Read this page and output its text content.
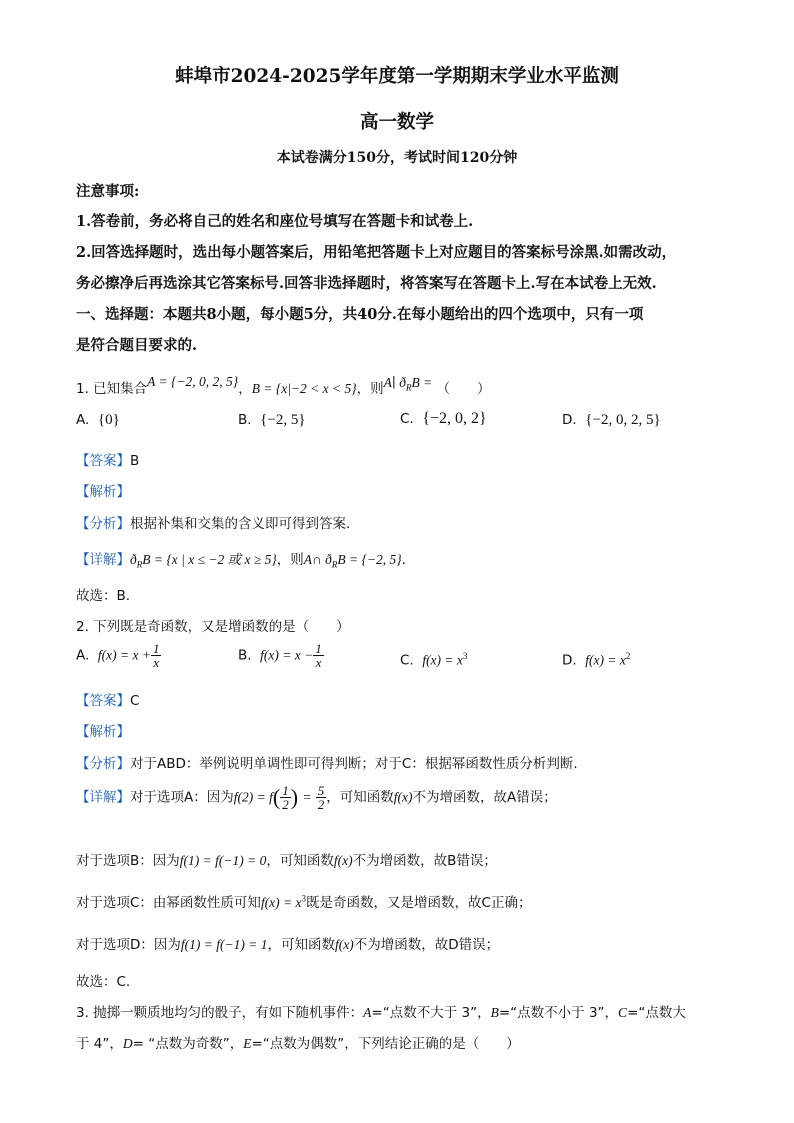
蚌埠市2024-2025学年度第一学期期末学业水平监测
高一数学
本试卷满分150分，考试时间120分钟
注意事项:
1.答卷前，务必将自己的姓名和座位号填写在答题卡和试卷上.
2.回答选择题时，选出每小题答案后，用铅笔把答题卡上对应题目的答案标号涂黑.如需改动，
务必擦净后再选涂其它答案标号.回答非选择题时，将答案写在答题卡上.写在本试卷上无效.
一、选择题：本题共8小题，每小题5分，共40分.在每小题给出的四个选项中，只有一项
是符合题目要求的.
1. 已知集合A = {−2, 0, 2, 5}，B = {x|−2 < x < 5}，则A∣ $ð_RB$ = （　　）
A. {0}	B. {−2, 5}	C. {−2, 0, 2}	D. {−2, 0, 2, 5}
【答案】B
【解析】
【分析】根据补集和交集的含义即可得到答案.
【详解】$ð_RB = \{x$ | x ≤ −2 或 x ≥ 5}，则A∩ $ð_RB = \{-2$, 5}.
故选：B.
2. 下列既是奇函数，又是增函数的是（　　）
A. $f(x) = x + \frac{1}{x}$	B. $f(x) = x - \frac{1}{x}$	C. $f(x) = x^3$	D. $f(x) = x^2$
【答案】C
【解析】
【分析】对于ABD：举例说明单调性即可得判断；对于C：根据幂函数性质分析判断.
【详解】对于选项A：因为$f(2) = f( \frac{1}{2}$ ) = $\frac{5}{2}$ ，可知函数f(x)不为增函数，故A错误；
对于选项B：因为f(1) = f(−1) = 0，可知函数f(x)不为增函数，故B错误；
对于选项C：由幂函数性质可知$f(x) = x^3$既是奇函数，又是增函数，故C正确；
对于选项D：因为f(1) = f(−1) = 1，可知函数f(x)不为增函数，故D错误；
故选：C.
3. 抛掷一颗质地均匀的骰子，有如下随机事件：A=“点数不大于 3”，B=“点数不小于 3”，C=“点数大
于 4”，D= “点数为奇数”，E=“点数为偶数”，下列结论正确的是（　　）
